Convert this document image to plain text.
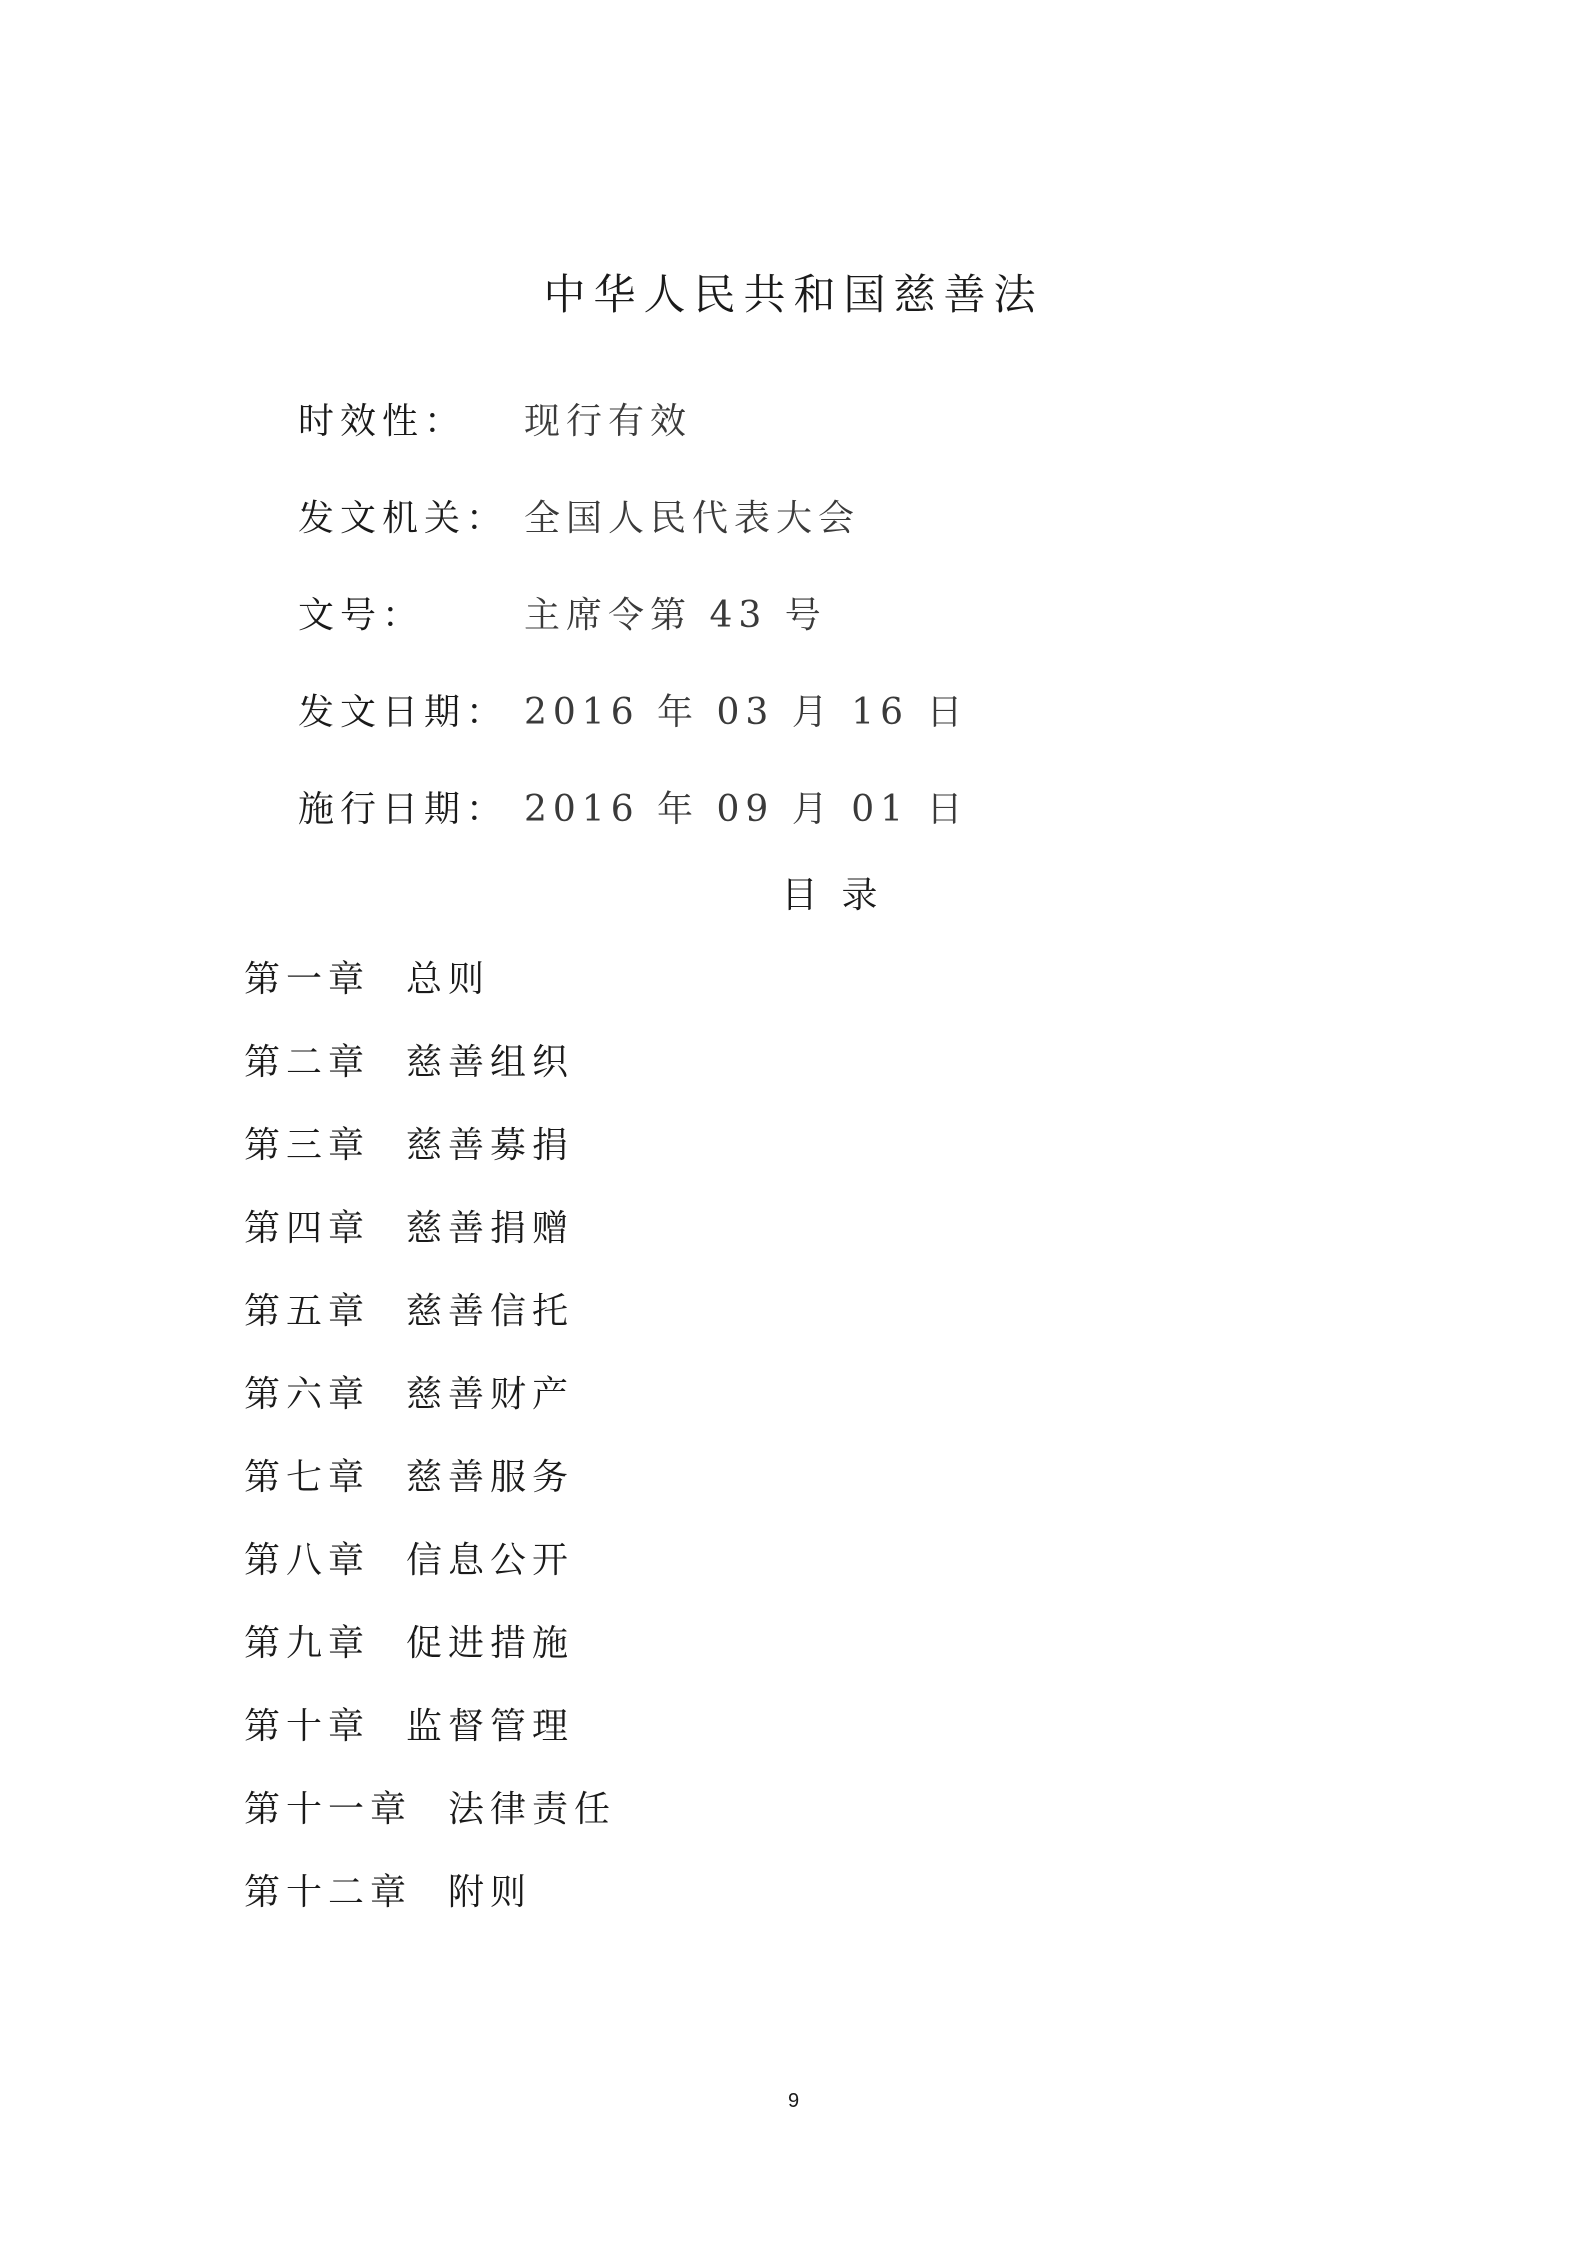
中华人民共和国慈善法
时效性： 现行有效
发文机关： 全国人民代表大会
文号：	主席令第 43 号
发文日期： 2016 年 03 月 16 日
施行日期： 2016 年 09 月 01 日
目录
第一章 总则
第二章 慈善组织
第三章 慈善募捐
第四章 慈善捐赠
第五章 慈善信托
第六章 慈善财产
第七章 慈善服务
第八章 信息公开
第九章 促进措施
第十章 监督管理
第十一章 法律责任
第十二章 附则
9
